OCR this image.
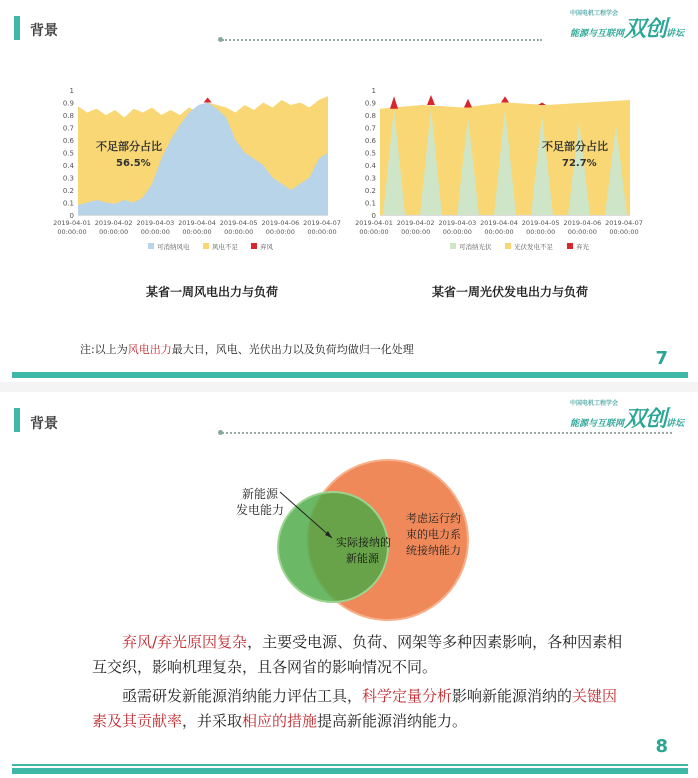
背景	能源与互联网双创讲坛
中国电机工程学会
0
0.1
0.2
0.3
0.4
0.5
0.6
0.7
0.8
0.9
1
2019-04-01
00:00:00
2019-04-02
00:00:00
2019-04-03
00:00:00
2019-04-04
00:00:00
2019-04-05
00:00:00
2019-04-06
00:00:00
2019-04-07
00:00:00
可消纳风电	风电不足	弃风
不足部分占比
56.5%
0
0.1
0.2
0.3
0.4
0.5
0.6
0.7
0.8
0.9
1
2019-04-01
00:00:00
2019-04-02
00:00:00
2019-04-03
00:00:00
2019-04-04
00:00:00
2019-04-05
00:00:00
2019-04-06
00:00:00
2019-04-07
00:00:00
可消纳光伏	光伏发电不足	弃光
不足部分占比
72.7%
某省一周风电出力与负荷	某省一周光伏发电出力与负荷
注:以上为风电出力最大日，风电、光伏出力以及负荷均做归一化处理	7
背景	能源与互联网双创讲坛
中国电机工程学会
新能源
发电能力
实际接纳的
新能源
考虑运行约
束的电力系
统接纳能力
弃风/弃光原因复杂，主要受电源、负荷、网架等多种因素影响，各种因素相互交织，影响机理复杂，且各网省的影响情况不同。
亟需研发新能源消纳能力评估工具，科学定量分析影响新能源消纳的关键因素及其贡献率，并采取相应的措施提高新能源消纳能力。
8
